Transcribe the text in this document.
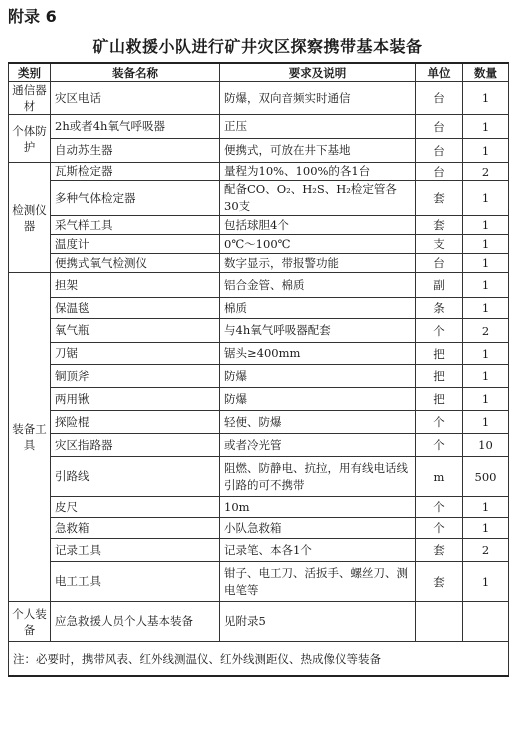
附录 6
矿山救援小队进行矿井灾区探察携带基本装备
类别	装备名称	要求及说明	单位	数量
通信器材	灾区电话	防爆，双向音频实时通信	台	1
个体防护	2h或者4h氧气呼吸器	正压	台	1
	自动苏生器	便携式，可放在井下基地	台	1
检测仪器	瓦斯检定器	量程为10%、100%的各1台	台	2
	多种气体检定器	配备CO、O₂、H₂S、H₂检定管各30支	套	1
	采气样工具	包括球胆4个	套	1
	温度计	0℃～100℃	支	1
	便携式氧气检测仪	数字显示，带报警功能	台	1
装备工具	担架	铝合金管、棉质	副	1
	保温毯	棉质	条	1
	氧气瓶	与4h氧气呼吸器配套	个	2
	刀锯	锯头≥400mm	把	1
	铜顶斧	防爆	把	1
	两用锹	防爆	把	1
	探险棍	轻便、防爆	个	1
	灾区指路器	或者冷光管	个	10
	引路线	阻燃、防静电、抗拉，用有线电话线引路的可不携带	m	500
	皮尺	10m	个	1
	急救箱	小队急救箱	个	1
	记录工具	记录笔、本各1个	套	2
	电工工具	钳子、电工刀、活扳手、螺丝刀、测电笔等	套	1
个人装备	应急救援人员个人基本装备	见附录5		
注：必要时，携带风表、红外线测温仪、红外线测距仪、热成像仪等装备				
